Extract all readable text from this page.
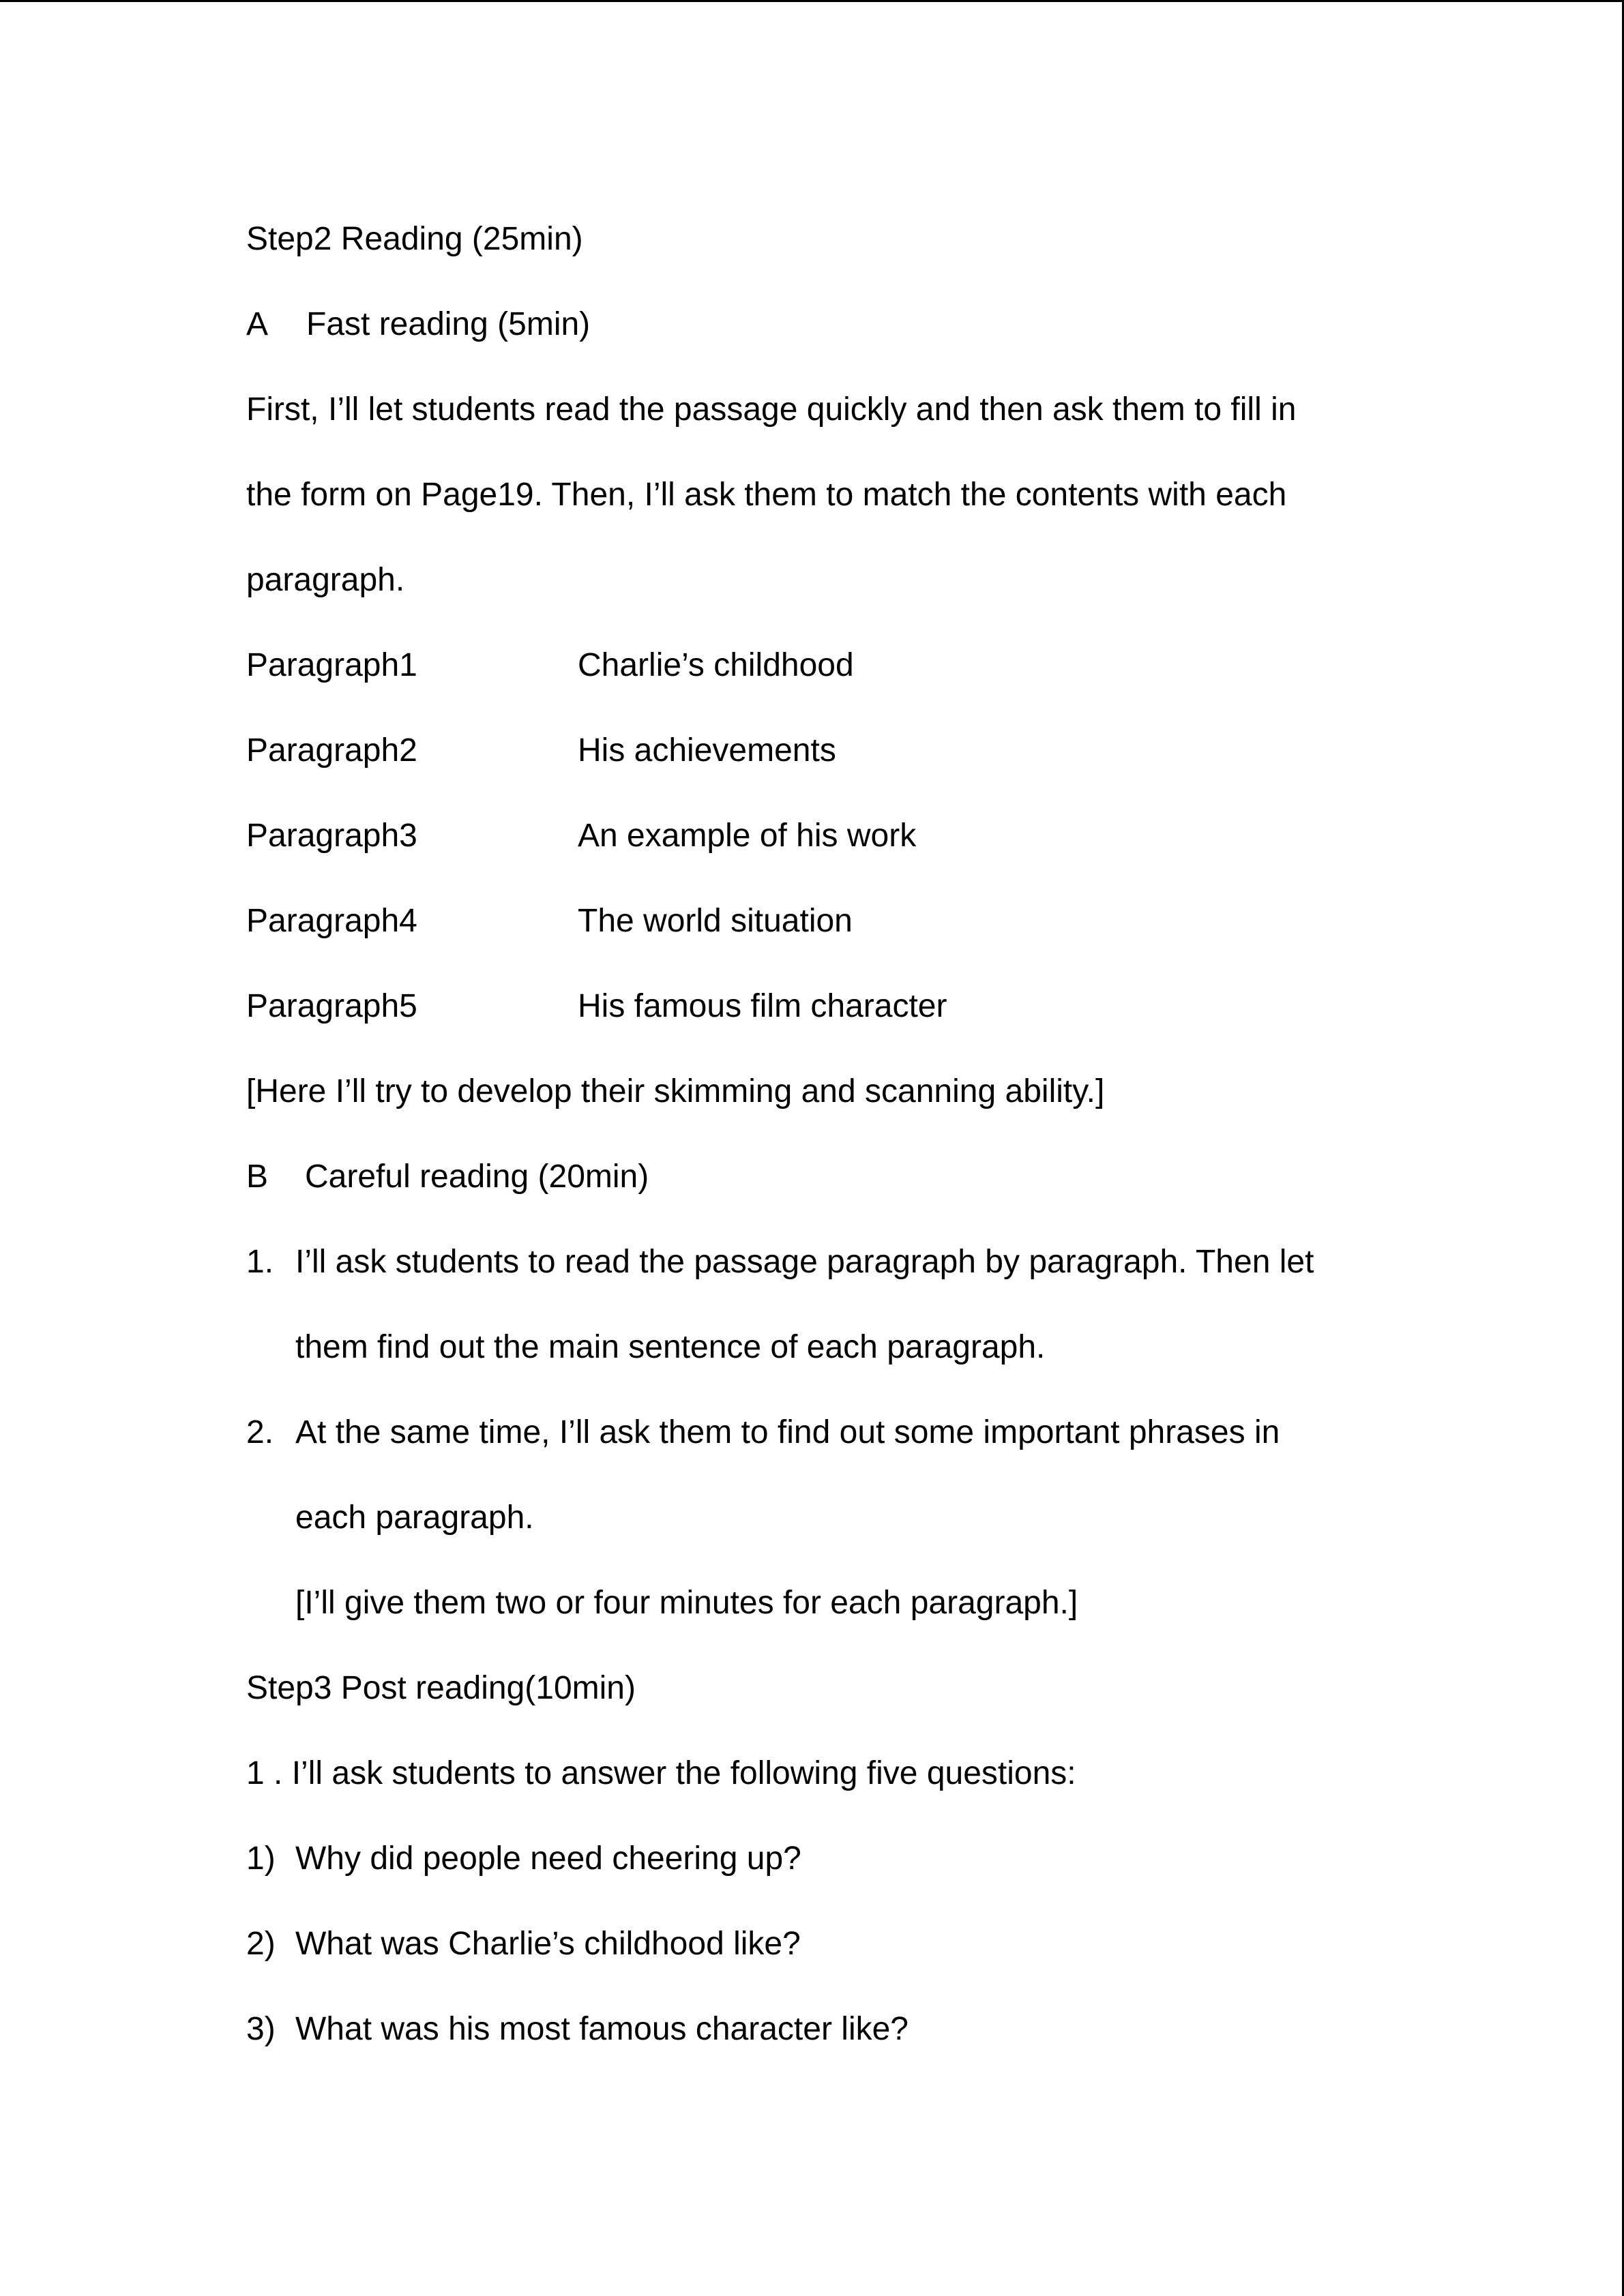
Step2 Reading (25min)
A Fast reading (5min)
First, I’ll let students read the passage quickly and then ask them to fill in
the form on Page19. Then, I’ll ask them to match the contents with each
paragraph.
Paragraph1	Charlie’s childhood
Paragraph2	His achievements
Paragraph3	An example of his work
Paragraph4	The world situation
Paragraph5	His famous film character
[Here I’ll try to develop their skimming and scanning ability.]
B Careful reading (20min)
1. I’ll ask students to read the passage paragraph by paragraph. Then let
them find out the main sentence of each paragraph.
2. At the same time, I’ll ask them to find out some important phrases in
each paragraph.
[I’ll give them two or four minutes for each paragraph.]
Step3 Post reading(10min)
1 . I’ll ask students to answer the following five questions:
1) Why did people need cheering up?
2) What was Charlie’s childhood like?
3) What was his most famous character like?
